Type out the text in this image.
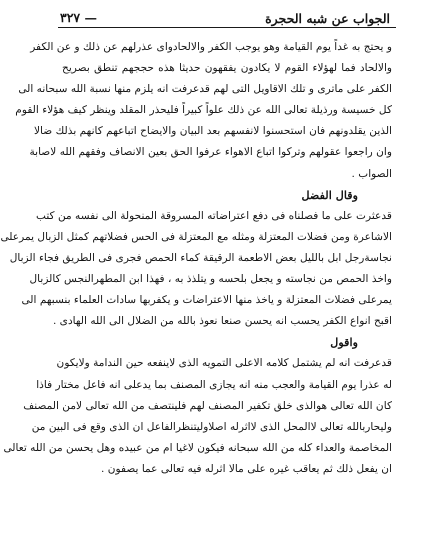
الجواب عن شبه الحجرة
— ٣٢٧
و يحتج به غداً يوم القيامة وهو يوجب الكفر والالحادوای عذرلهم عن ذلك و عن الكفر
والالحاد فما لهؤلاء القوم لا يكادون يفقهون حديثا هذه حججهم تنطق بصريح
الكفر على ماترى و تلك الاقاويل التى لهم قدعرفت انه يلزم منها نسبة الله سبحانه الى
كل خسيسة ورذيلة تعالى الله عن ذلك علواً كبيراً فليحذر المقلد وينظر كيف هؤلاء القوم
الذين يقلدونهم فان استحسنوا لانفسهم بعد البيان والايضاح اتباعهم كانهم بذلك ضالا
وان راجعوا عقولهم وتركوا اتباع الاهواء عرفوا الحق بعين الانصاف وفقهم الله لاصابة
الصواب .
وقال الفضل
قدعثرت على ما فصلناه فى دفع اعتراضاته المسروقة المنحولة الى نفسه من كتب
الاشاعرة ومن فضلات المعتزلة ومثله مع المعتزلة فى الحس فضلاتهم كمثل الزبال يمرعلى
نجاسةرجل ابل بالليل بعض الاطعمة الرقيقة كماء الحمص فجرى فى الطريق فجاء الزبال
واخذ الحمص من نجاسته و يجعل بلحسه و يتلذذ به ، فهذا ابن المطهرالنجس كالزبال
يمرعلى فضلات المعتزلة و ياخذ منها الاعتراضات و يكفربها سادات العلماء بنسبهم الى
اقبح انواع الكفر يحسب انه يحسن صنعا نعوذ بالله من الضلال الى الله الهادى .
واقول
قدعرفت انه لم يشتمل كلامه الاعلى التمويه الذى لاينفعه حين الندامة ولايكون
له عذرا يوم القيامة والعجب منه انه يجازى المصنف بما يدعلى انه فاعل مختار فاذا
كان الله تعالى هوالذى خلق تكفير المصنف لهم فلينتصف من الله تعالى لامن المصنف
وليحاربالله تعالى لاالمحل الذى لااثرله اصلاوليتنظرالفاعل ان الذى وقع فى البين من
المخاصمة والعداء كله من الله سبحانه فيكون لاغيا ام من عبيده وهل يحسن من الله تعالى
ان يفعل ذلك ثم يعاقب غيره على مالا اثرله فيه تعالى عما يصفون .
